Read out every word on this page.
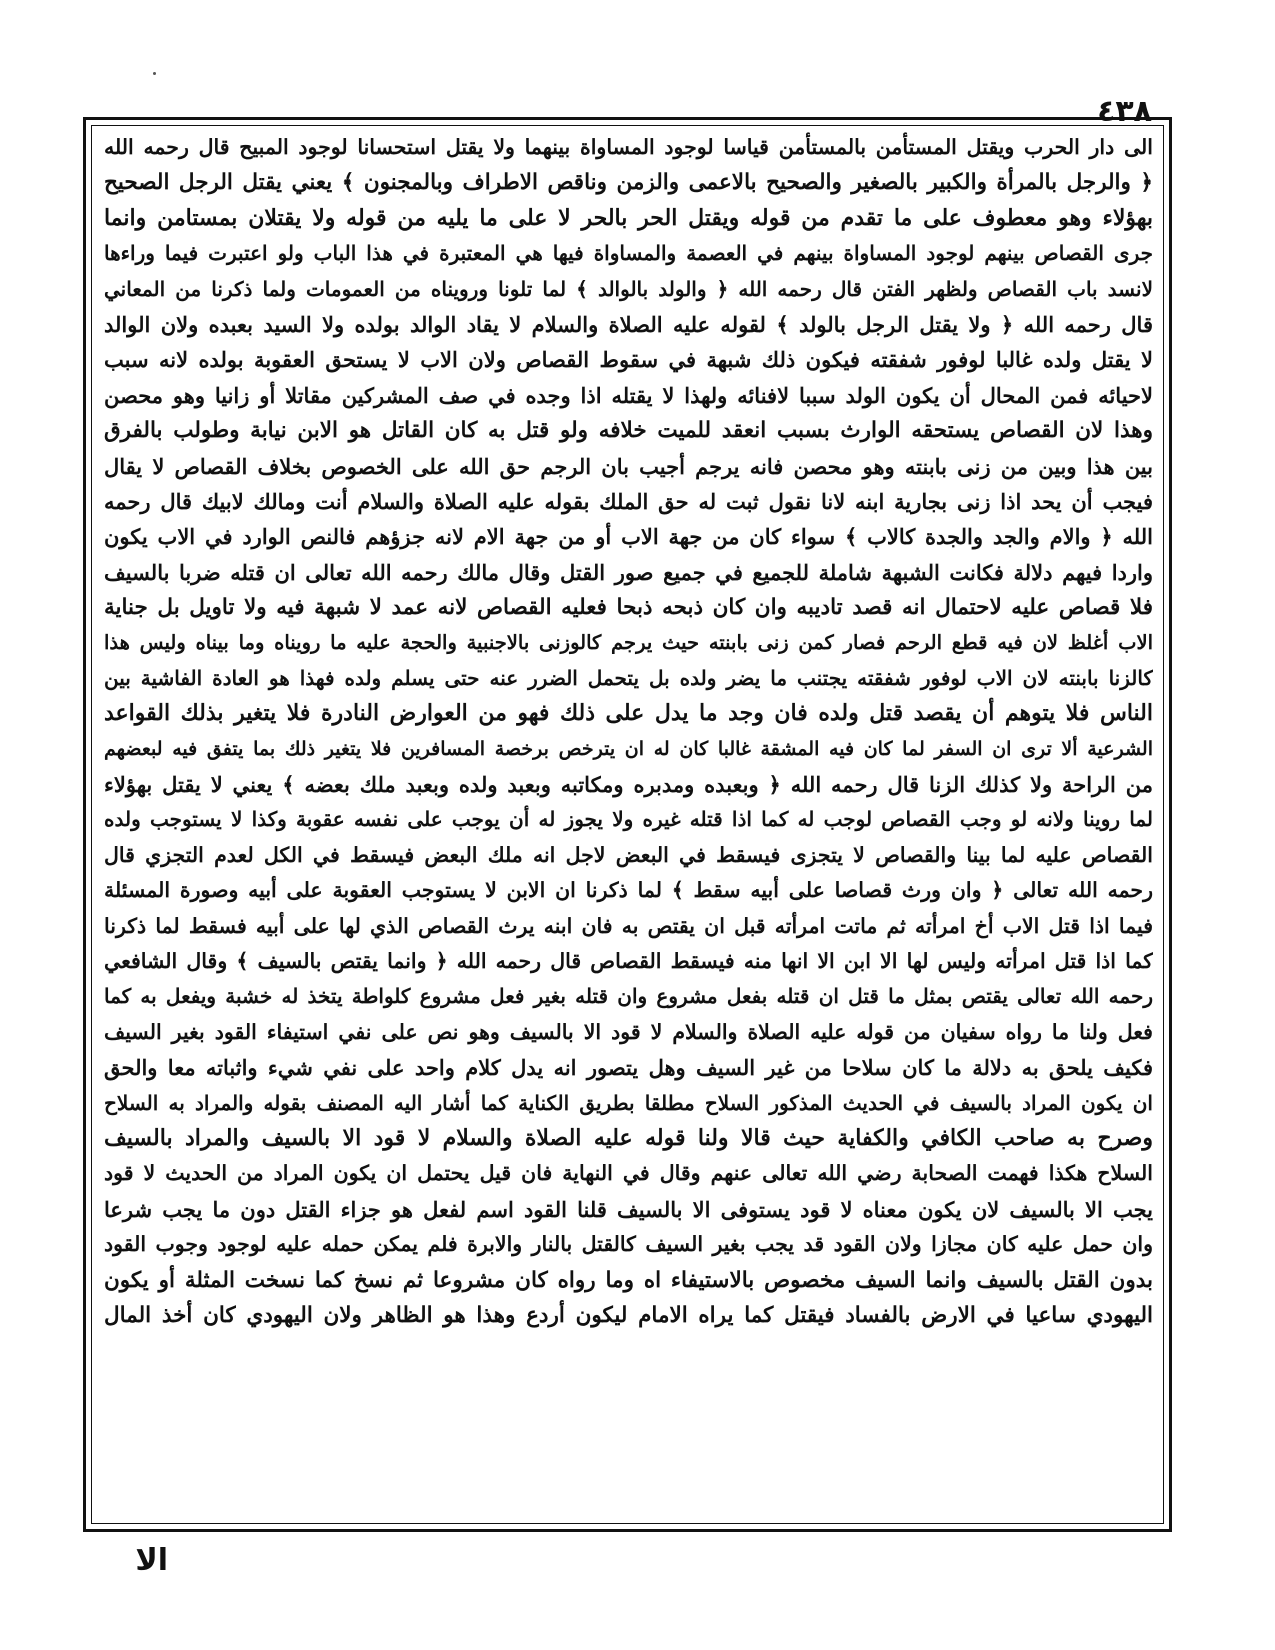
٤٣٨
الى دار الحرب ويقتل المستأمن بالمستأمن قياسا لوجود المساواة بينهما ولا يقتل استحسانا لوجود المبيح قال رحمه الله
﴿ والرجل بالمرأة والكبير بالصغير والصحيح بالاعمى والزمن وناقص الاطراف وبالمجنون ﴾ يعني يقتل الرجل الصحيح
بهؤلاء وهو معطوف على ما تقدم من قوله ويقتل الحر بالحر لا على ما يليه من قوله ولا يقتلان بمستامن وانما
جرى القصاص بينهم لوجود المساواة بينهم في العصمة والمساواة فيها هي المعتبرة في هذا الباب ولو اعتبرت فيما وراءها
لانسد باب القصاص ولظهر الفتن قال رحمه الله ﴿ والولد بالوالد ﴾ لما تلونا ورويناه من العمومات ولما ذكرنا من المعاني
قال رحمه الله ﴿ ولا يقتل الرجل بالولد ﴾ لقوله عليه الصلاة والسلام لا يقاد الوالد بولده ولا السيد بعبده ولان الوالد
لا يقتل ولده غالبا لوفور شفقته فيكون ذلك شبهة في سقوط القصاص ولان الاب لا يستحق العقوبة بولده لانه سبب
لاحيائه فمن المحال أن يكون الولد سببا لافنائه ولهذا لا يقتله اذا وجده في صف المشركين مقاتلا أو زانيا وهو محصن
وهذا لان القصاص يستحقه الوارث بسبب انعقد للميت خلافه ولو قتل به كان القاتل هو الابن نيابة وطولب بالفرق
بين هذا وبين من زنى بابنته وهو محصن فانه يرجم أجيب بان الرجم حق الله على الخصوص بخلاف القصاص لا يقال
فيجب أن يحد اذا زنى بجارية ابنه لانا نقول ثبت له حق الملك بقوله عليه الصلاة والسلام أنت ومالك لابيك قال رحمه
الله ﴿ والام والجد والجدة كالاب ﴾ سواء كان من جهة الاب أو من جهة الام لانه جزؤهم فالنص الوارد في الاب يكون
واردا فيهم دلالة فكانت الشبهة شاملة للجميع في جميع صور القتل وقال مالك رحمه الله تعالى ان قتله ضربا بالسيف
فلا قصاص عليه لاحتمال انه قصد تاديبه وان كان ذبحه ذبحا فعليه القصاص لانه عمد لا شبهة فيه ولا تاويل بل جناية
الاب أغلظ لان فيه قطع الرحم فصار كمن زنى بابنته حيث يرجم كالوزنى بالاجنبية والحجة عليه ما رويناه وما بيناه وليس هذا
كالزنا بابنته لان الاب لوفور شفقته يجتنب ما يضر ولده بل يتحمل الضرر عنه حتى يسلم ولده فهذا هو العادة الفاشية بين
الناس فلا يتوهم أن يقصد قتل ولده فان وجد ما يدل على ذلك فهو من العوارض النادرة فلا يتغير بذلك القواعد
الشرعية ألا ترى ان السفر لما كان فيه المشقة غالبا كان له ان يترخص برخصة المسافرين فلا يتغير ذلك بما يتفق فيه لبعضهم
من الراحة ولا كذلك الزنا قال رحمه الله ﴿ وبعبده ومدبره ومكاتبه وبعبد ولده وبعبد ملك بعضه ﴾ يعني لا يقتل بهؤلاء
لما روينا ولانه لو وجب القصاص لوجب له كما اذا قتله غيره ولا يجوز له أن يوجب على نفسه عقوبة وكذا لا يستوجب ولده
القصاص عليه لما بينا والقصاص لا يتجزى فيسقط في البعض لاجل انه ملك البعض فيسقط في الكل لعدم التجزي قال
رحمه الله تعالى ﴿ وان ورث قصاصا على أبيه سقط ﴾ لما ذكرنا ان الابن لا يستوجب العقوبة على أبيه وصورة المسئلة
فيما اذا قتل الاب أخ امرأته ثم ماتت امرأته قبل ان يقتص به فان ابنه يرث القصاص الذي لها على أبيه فسقط لما ذكرنا
كما اذا قتل امرأته وليس لها الا ابن الا انها منه فيسقط القصاص قال رحمه الله ﴿ وانما يقتص بالسيف ﴾ وقال الشافعي
رحمه الله تعالى يقتص بمثل ما قتل ان قتله بفعل مشروع وان قتله بغير فعل مشروع كلواطة يتخذ له خشبة ويفعل به كما
فعل ولنا ما رواه سفيان من قوله عليه الصلاة والسلام لا قود الا بالسيف وهو نص على نفي استيفاء القود بغير السيف
فكيف يلحق به دلالة ما كان سلاحا من غير السيف وهل يتصور انه يدل كلام واحد على نفي شيء واثباته معا والحق
ان يكون المراد بالسيف في الحديث المذكور السلاح مطلقا بطريق الكناية كما أشار اليه المصنف بقوله والمراد به السلاح
وصرح به صاحب الكافي والكفاية حيث قالا ولنا قوله عليه الصلاة والسلام لا قود الا بالسيف والمراد بالسيف
السلاح هكذا فهمت الصحابة رضي الله تعالى عنهم وقال في النهاية فان قيل يحتمل ان يكون المراد من الحديث لا قود
يجب الا بالسيف لان يكون معناه لا قود يستوفى الا بالسيف قلنا القود اسم لفعل هو جزاء القتل دون ما يجب شرعا
وان حمل عليه كان مجازا ولان القود قد يجب بغير السيف كالقتل بالنار والابرة فلم يمكن حمله عليه لوجود وجوب القود
بدون القتل بالسيف وانما السيف مخصوص بالاستيفاء اه وما رواه كان مشروعا ثم نسخ كما نسخت المثلة أو يكون
اليهودي ساعيا في الارض بالفساد فيقتل كما يراه الامام ليكون أردع وهذا هو الظاهر ولان اليهودي كان أخذ المال
الا
